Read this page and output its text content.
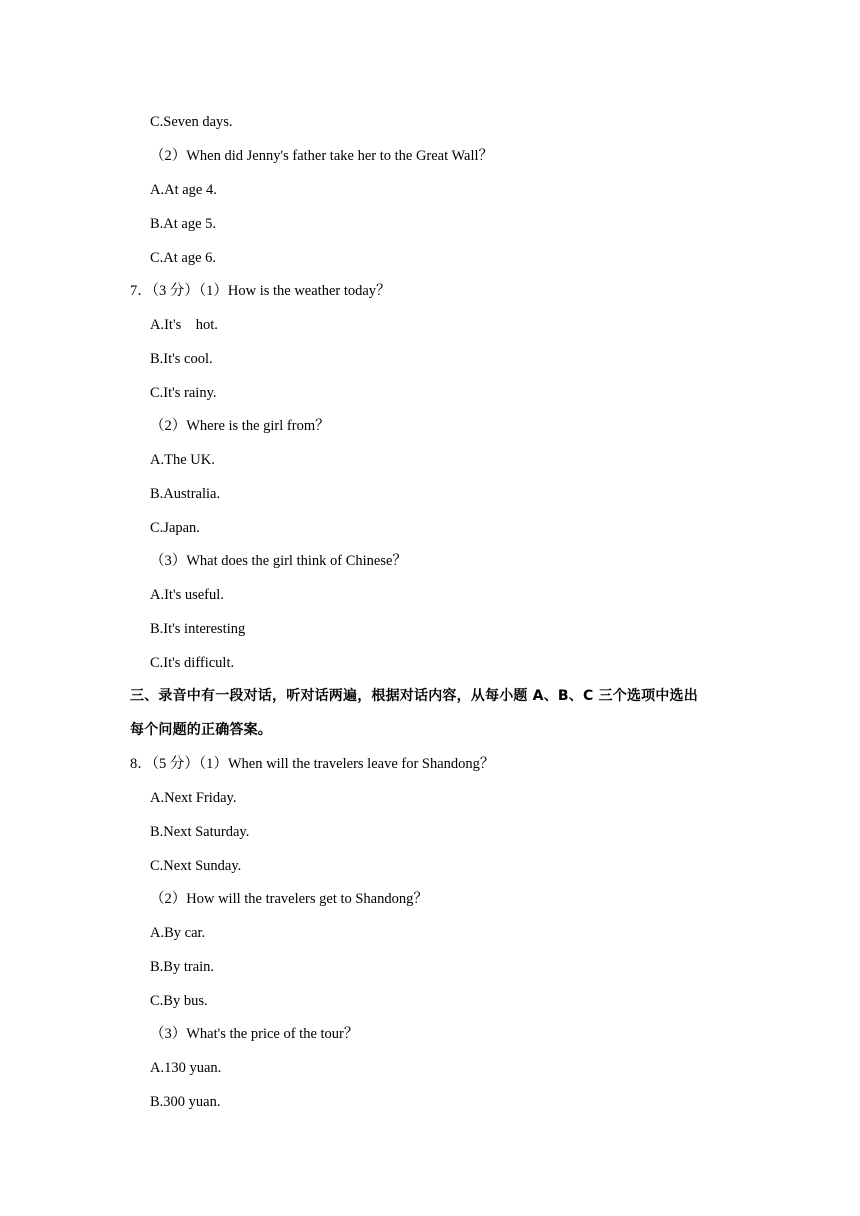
C.Seven days.

（2）When did Jenny's father take her to the Great Wall？

A.At age 4.

B.At age 5.

C.At age 6.

7．（3 分）（1）How is the weather today？

A.It's　hot.

B.It's cool.

C.It's rainy.

（2）Where is the girl from？

A.The UK.

B.Australia.

C.Japan.

（3）What does the girl think of Chinese？

A.It's useful.

B.It's interesting

C.It's difficult.

三、录音中有一段对话，听对话两遍，根据对话内容，从每小题 A、B、C 三个选项中选出

每个问题的正确答案。

8．（5 分）（1）When will the travelers leave for Shandong？

A.Next Friday.

B.Next Saturday.

C.Next Sunday.

（2）How will the travelers get to Shandong？

A.By car.

B.By train.

C.By bus.

（3）What's the price of the tour？

A.130 yuan.

B.300 yuan.
